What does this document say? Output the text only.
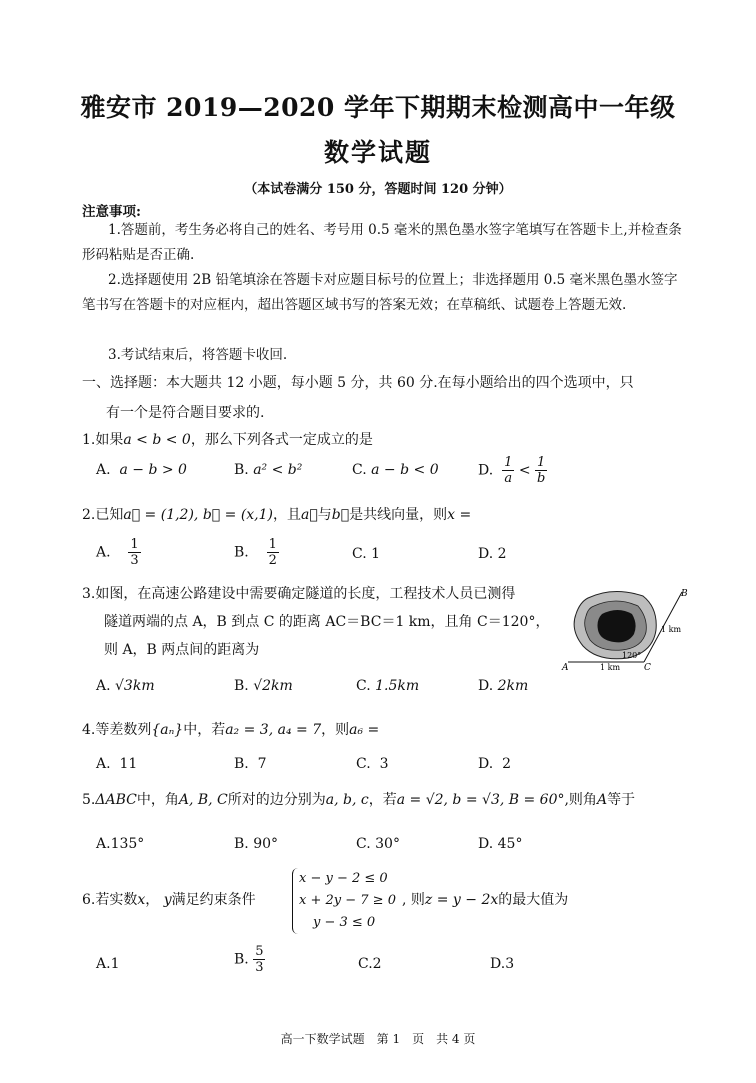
雅安市 2019—2020 学年下期期末检测高中一年级
数学试题
（本试卷满分 150 分，答题时间 120 分钟）
注意事项:
1.答题前，考生务必将自己的姓名、考号用 0.5 毫米的黑色墨水签字笔填写在答题卡上,并检查条形码粘贴是否正确.
2.选择题使用 2B 铅笔填涂在答题卡对应题目标号的位置上；非选择题用 0.5 毫米黑色墨水签字笔书写在答题卡的对应框内，超出答题区域书写的答案无效；在草稿纸、试题卷上答题无效.
3.考试结束后，将答题卡收回.
一、选择题：本大题共 12 小题，每小题 5 分，共 60 分.在每小题给出的四个选项中，只
有一个是符合题目要求的.
1.如果a < b < 0，那么下列各式一定成立的是
A. a − b > 0	B. a² < b²	C. a − b < 0	D. $\frac{1}{a} < \frac{1}{b}$
2.已知a⃗ = (1,2), b⃗ = (x,1)，且a⃗与b⃗是共线向量，则x =
A. $\frac{1}{3}$	B. $\frac{1}{2}$	C. 1	D. 2
3.如图，在高速公路建设中需要确定隧道的长度，工程技术人员已测得
隧道两端的点 A，B 到点 C 的距离 AC＝BC＝1 km，且角 C＝120°，
则 A，B 两点间的距离为
A
B
C
1 km
1 km
120°
A. √3km	B. √2km	C. 1.5km	D. 2km
4.等差数列{aₙ}中，若a₂ = 3, a₄ = 7，则a₆ =
A. 11	B. 7	C. 3	D. 2
5.ΔABC中，角A, B, C所对的边分别为a, b, c，若a = √2, b = √3, B = 60°,则角A等于
A.135°	B. 90°	C. 30°	D. 45°
6.若实数x， y满足约束条件
x − y − 2 ≤ 0
x + 2y − 7 ≥ 0
y − 3 ≤ 0
, 则z = y − 2x的最大值为
A.1	B. $\frac{5}{3}$	C.2	D.3
高一下数学试题　第 1　页　共 4 页
